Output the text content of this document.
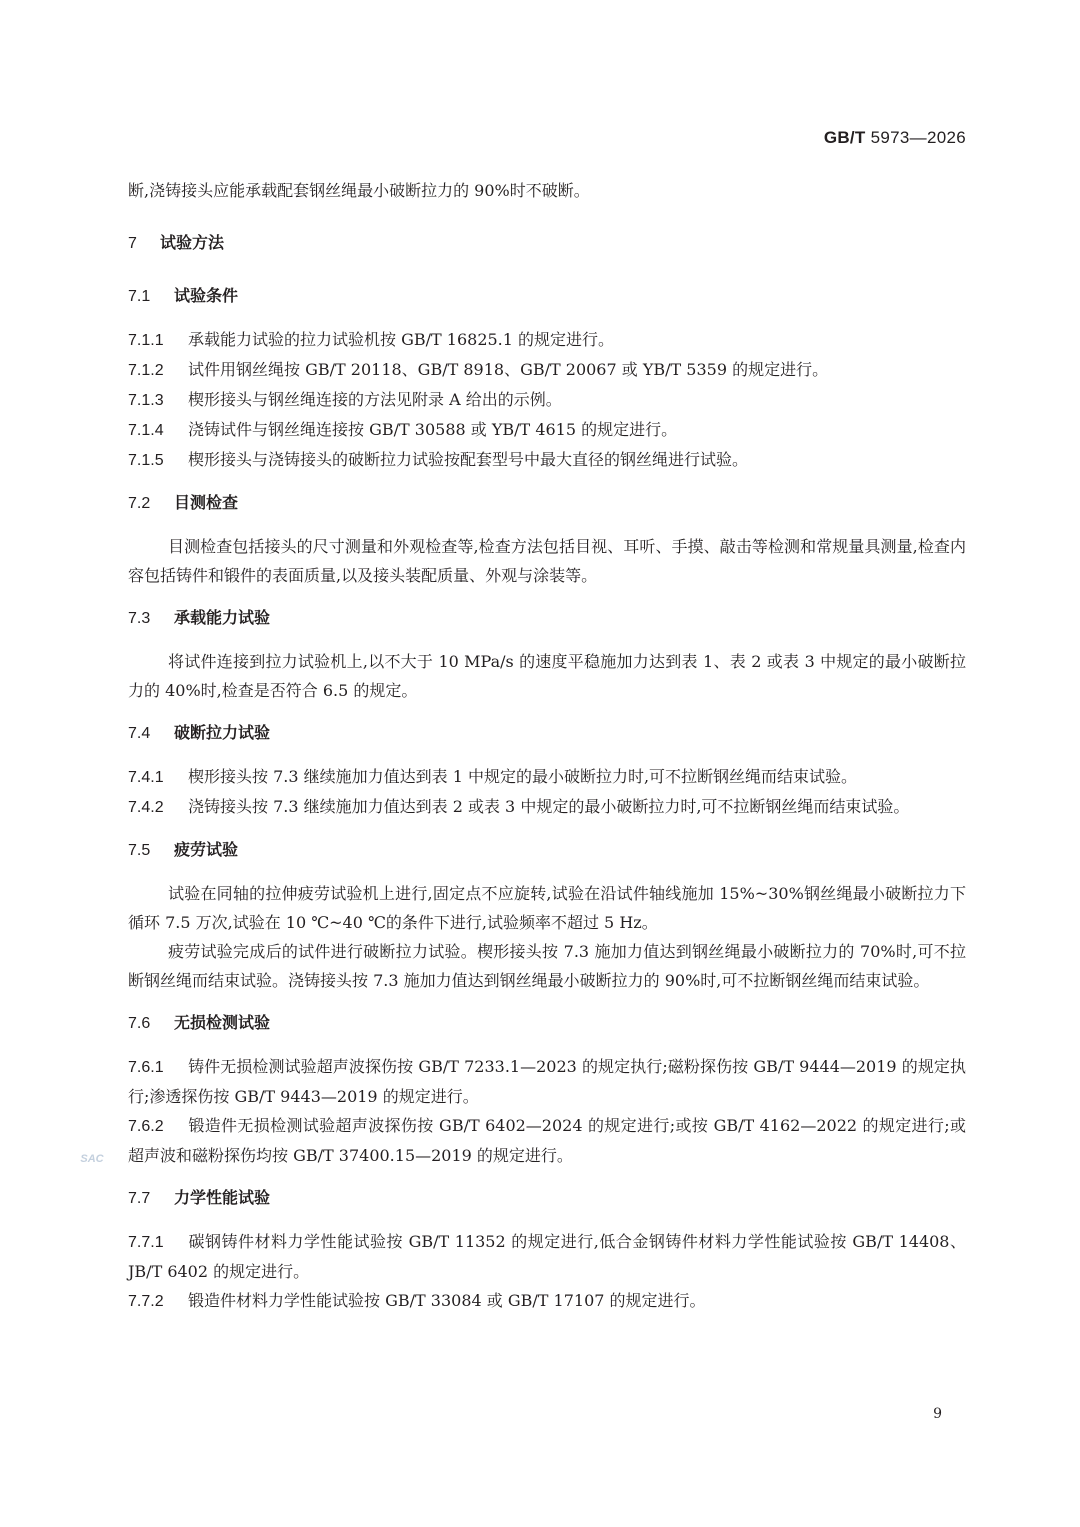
GB/T 5973—2026

断,浇铸接头应能承载配套钢丝绳最小破断拉力的 90%时不破断。

7 试验方法

7.1 试验条件

7.1.1 承载能力试验的拉力试验机按 GB/T 16825.1 的规定进行。

7.1.2 试件用钢丝绳按 GB/T 20118、GB/T 8918、GB/T 20067 或 YB/T 5359 的规定进行。

7.1.3 楔形接头与钢丝绳连接的方法见附录 A 给出的示例。

7.1.4 浇铸试件与钢丝绳连接按 GB/T 30588 或 YB/T 4615 的规定进行。

7.1.5 楔形接头与浇铸接头的破断拉力试验按配套型号中最大直径的钢丝绳进行试验。

7.2 目测检查

目测检查包括接头的尺寸测量和外观检查等,检查方法包括目视、耳听、手摸、敲击等检测和常规量具测量,检查内容包括铸件和锻件的表面质量,以及接头装配质量、外观与涂装等。

7.3 承载能力试验

将试件连接到拉力试验机上,以不大于 10 MPa/s 的速度平稳施加力达到表 1、表 2 或表 3 中规定的最小破断拉力的 40%时,检查是否符合 6.5 的规定。

7.4 破断拉力试验

7.4.1 楔形接头按 7.3 继续施加力值达到表 1 中规定的最小破断拉力时,可不拉断钢丝绳而结束试验。

7.4.2 浇铸接头按 7.3 继续施加力值达到表 2 或表 3 中规定的最小破断拉力时,可不拉断钢丝绳而结束试验。

7.5 疲劳试验

试验在同轴的拉伸疲劳试验机上进行,固定点不应旋转,试验在沿试件轴线施加 15%~30%钢丝绳最小破断拉力下循环 7.5 万次,试验在 10 ℃~40 ℃的条件下进行,试验频率不超过 5 Hz。

疲劳试验完成后的试件进行破断拉力试验。楔形接头按 7.3 施加力值达到钢丝绳最小破断拉力的 70%时,可不拉断钢丝绳而结束试验。浇铸接头按 7.3 施加力值达到钢丝绳最小破断拉力的 90%时,可不拉断钢丝绳而结束试验。

7.6 无损检测试验

7.6.1 铸件无损检测试验超声波探伤按 GB/T 7233.1—2023 的规定执行;磁粉探伤按 GB/T 9444—2019 的规定执行;渗透探伤按 GB/T 9443—2019 的规定进行。

7.6.2 锻造件无损检测试验超声波探伤按 GB/T 6402—2024 的规定进行;或按 GB/T 4162—2022 的规定进行;或超声波和磁粉探伤均按 GB/T 37400.15—2019 的规定进行。

7.7 力学性能试验

7.7.1 碳钢铸件材料力学性能试验按 GB/T 11352 的规定进行,低合金钢铸件材料力学性能试验按 GB/T 14408、JB/T 6402 的规定进行。

7.7.2 锻造件材料力学性能试验按 GB/T 33084 或 GB/T 17107 的规定进行。

SAC
9
